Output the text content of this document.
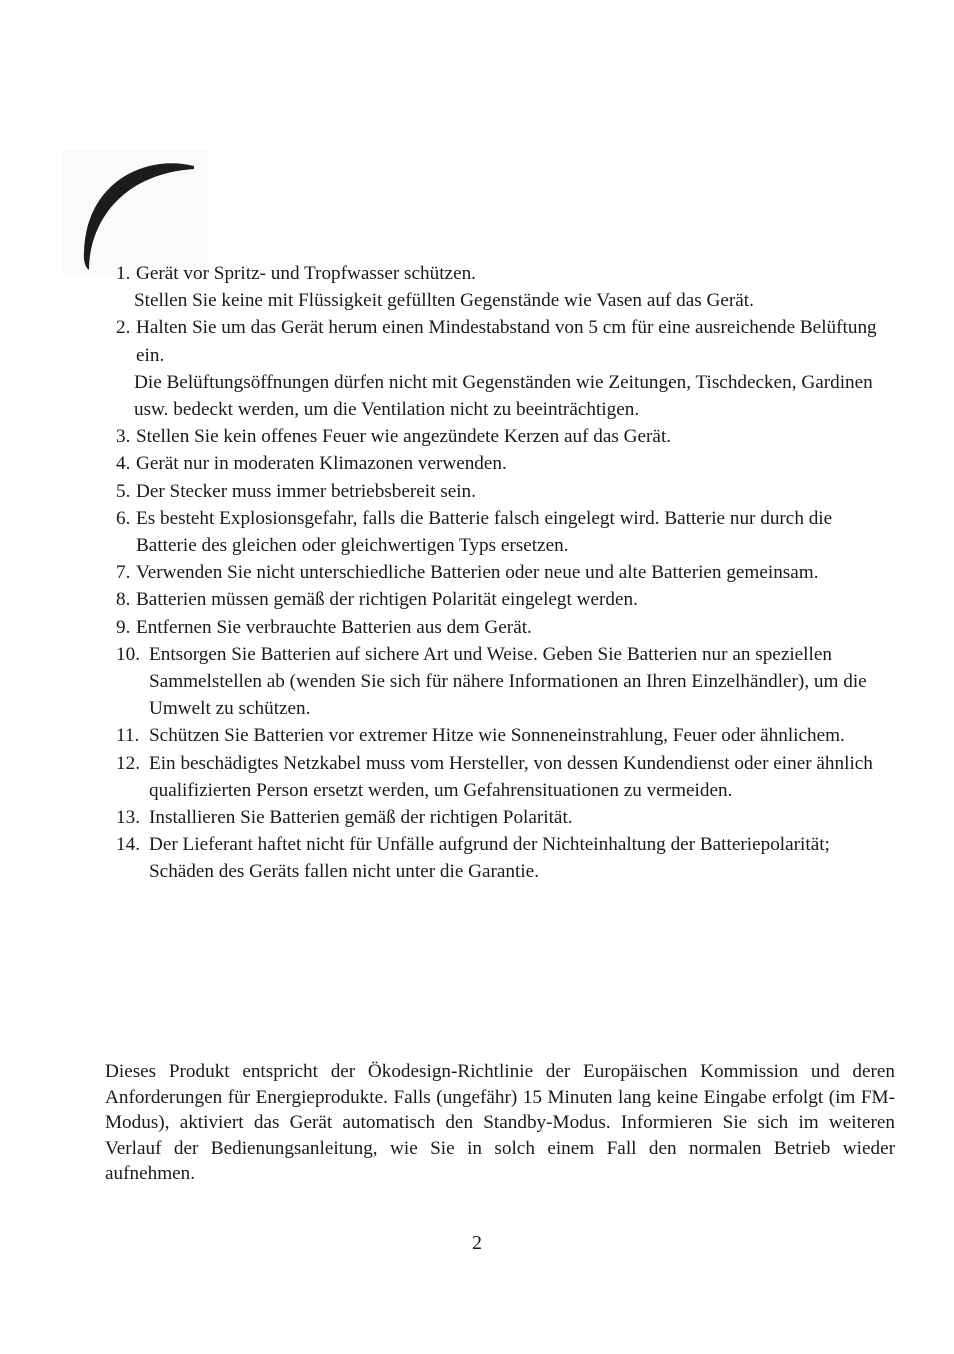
1. Gerät vor Spritz- und Tropfwasser schützen.
Stellen Sie keine mit Flüssigkeit gefüllten Gegenstände wie Vasen auf das Gerät.
2. Halten Sie um das Gerät herum einen Mindestabstand von 5 cm für eine ausreichende Belüftung ein.
Die Belüftungsöffnungen dürfen nicht mit Gegenständen wie Zeitungen, Tischdecken, Gardinen usw. bedeckt werden, um die Ventilation nicht zu beeinträchtigen.
3. Stellen Sie kein offenes Feuer wie angezündete Kerzen auf das Gerät.
4. Gerät nur in moderaten Klimazonen verwenden.
5. Der Stecker muss immer betriebsbereit sein.
6. Es besteht Explosionsgefahr, falls die Batterie falsch eingelegt wird. Batterie nur durch die Batterie des gleichen oder gleichwertigen Typs ersetzen.
7. Verwenden Sie nicht unterschiedliche Batterien oder neue und alte Batterien gemeinsam.
8. Batterien müssen gemäß der richtigen Polarität eingelegt werden.
9. Entfernen Sie verbrauchte Batterien aus dem Gerät.
10. Entsorgen Sie Batterien auf sichere Art und Weise. Geben Sie Batterien nur an speziellen Sammelstellen ab (wenden Sie sich für nähere Informationen an Ihren Einzelhändler), um die Umwelt zu schützen.
11. Schützen Sie Batterien vor extremer Hitze wie Sonneneinstrahlung, Feuer oder ähnlichem.
12. Ein beschädigtes Netzkabel muss vom Hersteller, von dessen Kundendienst oder einer ähnlich qualifizierten Person ersetzt werden, um Gefahrensituationen zu vermeiden.
13. Installieren Sie Batterien gemäß der richtigen Polarität.
14. Der Lieferant haftet nicht für Unfälle aufgrund der Nichteinhaltung der Batteriepolarität; Schäden des Geräts fallen nicht unter die Garantie.

Dieses Produkt entspricht der Ökodesign-Richtlinie der Europäischen Kommission und deren Anforderungen für Energieprodukte. Falls (ungefähr) 15 Minuten lang keine Eingabe erfolgt (im FM-Modus), aktiviert das Gerät automatisch den Standby-Modus. Informieren Sie sich im weiteren Verlauf der Bedienungsanleitung, wie Sie in solch einem Fall den normalen Betrieb wieder aufnehmen.

2
